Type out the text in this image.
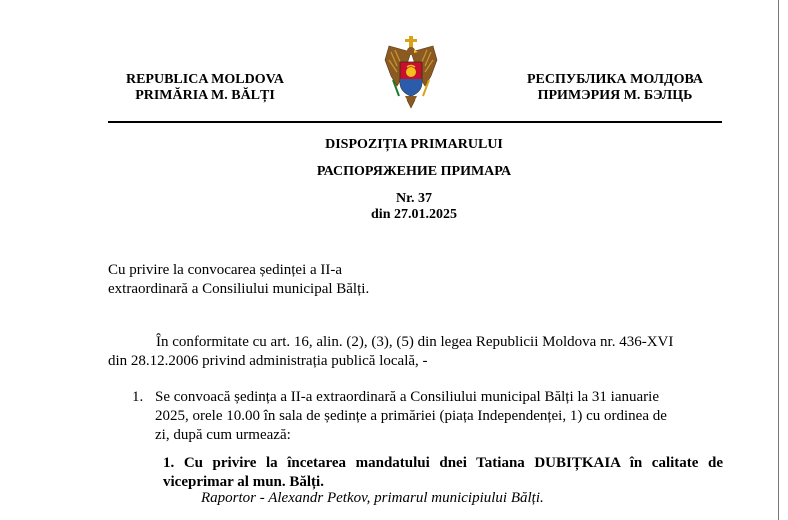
REPUBLICA MOLDOVA
PRIMĂRIA M. BĂLȚI
РЕСПУБЛИКА МОЛДОВА
ПРИМЭРИЯ М. БЭЛЦЬ
DISPOZIȚIA PRIMARULUI
РАСПОРЯЖЕНИЕ ПРИМАРА
Nr. 37
din 27.01.2025
Cu privire la convocarea ședinței a II-a
extraordinară a Consiliului municipal Bălți.
În conformitate cu art. 16, alin. (2), (3), (5) din legea Republicii Moldova nr. 436-XVI
din 28.12.2006 privind administrația publică locală, -
1. Se convoacă ședința a II-a extraordinară a Consiliului municipal Bălți la 31 ianuarie
2025, orele 10.00 în sala de ședințe a primăriei (piața Independenței, 1) cu ordinea de
zi, după cum urmează:
1. Cu privire la încetarea mandatului dnei Tatiana DUBIȚKAIA în calitate de viceprimar al mun. Bălți.
Raportor - Alexandr Petkov, primarul municipiului Bălți.
